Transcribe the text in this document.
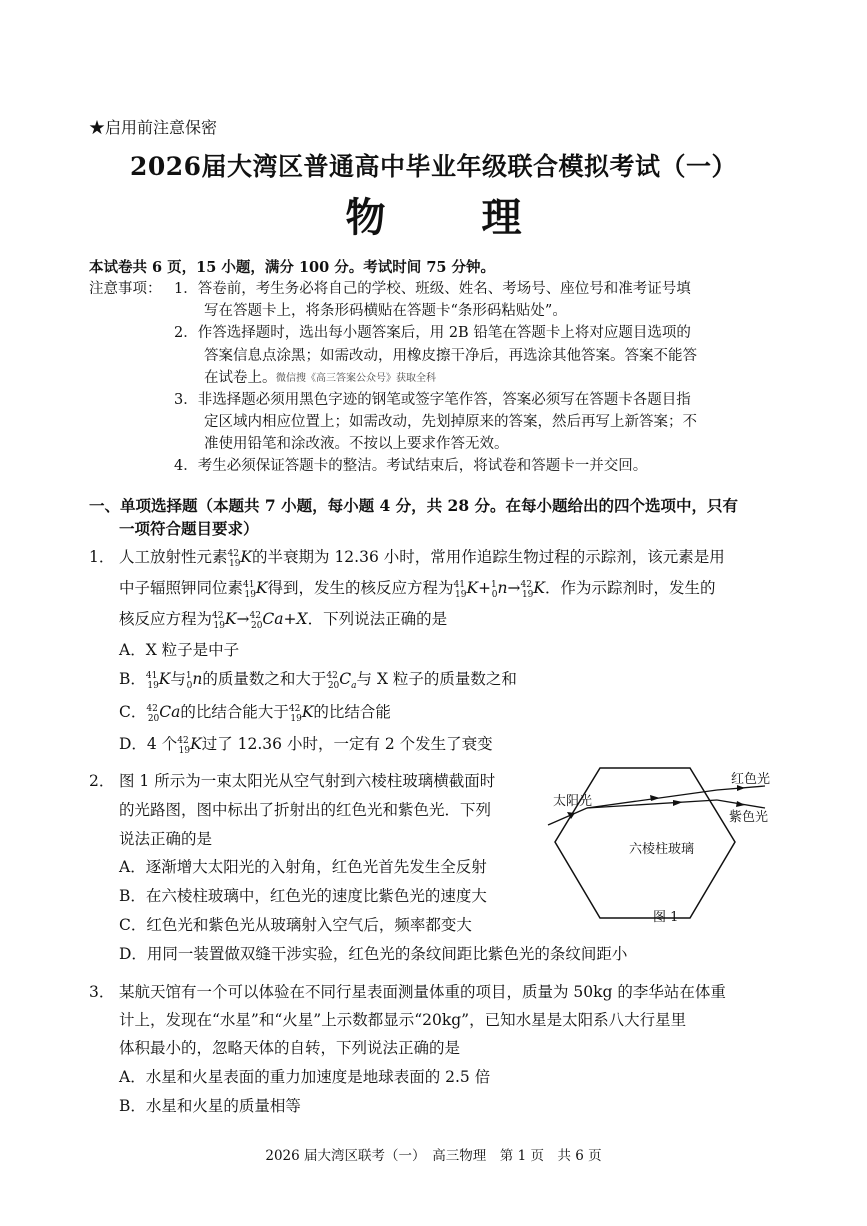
★启用前注意保密
2026届大湾区普通高中毕业年级联合模拟考试（一）
物　理
本试卷共 6 页，15 小题，满分 100 分。考试时间 75 分钟。
注意事项： 1．答卷前，考生务必将自己的学校、班级、姓名、考场号、座位号和准考证号填
写在答题卡上，将条形码横贴在答题卡“条形码粘贴处”。
2．作答选择题时，选出每小题答案后，用 2B 铅笔在答题卡上将对应题目选项的
答案信息点涂黑；如需改动，用橡皮擦干净后，再选涂其他答案。答案不能答
在试卷上。 微信搜《高三答案公众号》获取全科
3．非选择题必须用黑色字迹的钢笔或签字笔作答，答案必须写在答题卡各题目指
定区域内相应位置上；如需改动，先划掉原来的答案，然后再写上新答案；不
准使用铅笔和涂改液。不按以上要求作答无效。
4．考生必须保证答题卡的整洁。考试结束后，将试卷和答题卡一并交回。
一、单项选择题（本题共 7 小题，每小题 4 分，共 28 分。在每小题给出的四个选项中，只有
一项符合题目要求）
1． 人工放射性元素$^{42}_{19}$K的半衰期为 12.36 小时，常用作追踪生物过程的示踪剂，该元素是用
中子辐照钾同位素$^{41}_{19}$K得到，发生的核反应方程为$^{41}_{19}$K+$^1_0$n→$^{42}_{19}$K．作为示踪剂时，发生的
核反应方程为$^{42}_{19}$K→$^{42}_{20}$Ca+X．下列说法正确的是
A．X 粒子是中子
B．$^{41}_{19}$K与$^1_0$n的质量数之和大于$^{42}_{20}C_a$与 X 粒子的质量数之和
C．$^{42}_{20}$Ca的比结合能大于$^{42}_{19}$K的比结合能
D．4 个$^{42}_{19}$K过了 12.36 小时，一定有 2 个发生了衰变
2． 图 1 所示为一束太阳光从空气射到六棱柱玻璃横截面时
的光路图，图中标出了折射出的红色光和紫色光．下列
说法正确的是
A．逐渐增大太阳光的入射角，红色光首先发生全反射
B．在六棱柱玻璃中，红色光的速度比紫色光的速度大
C．红色光和紫色光从玻璃射入空气后，频率都变大
D．用同一装置做双缝干涉实验，红色光的条纹间距比紫色光的条纹间距小
太阳光
红色光
紫色光
六棱柱玻璃
图 1
3． 某航天馆有一个可以体验在不同行星表面测量体重的项目，质量为 50kg 的李华站在体重
计上，发现在“水星”和“火星”上示数都显示“20kg”，已知水星是太阳系八大行星里
体积最小的，忽略天体的自转，下列说法正确的是
A．水星和火星表面的重力加速度是地球表面的 2.5 倍
B．水星和火星的质量相等
2026 届大湾区联考（一）　高三物理　第 1 页　共 6 页
